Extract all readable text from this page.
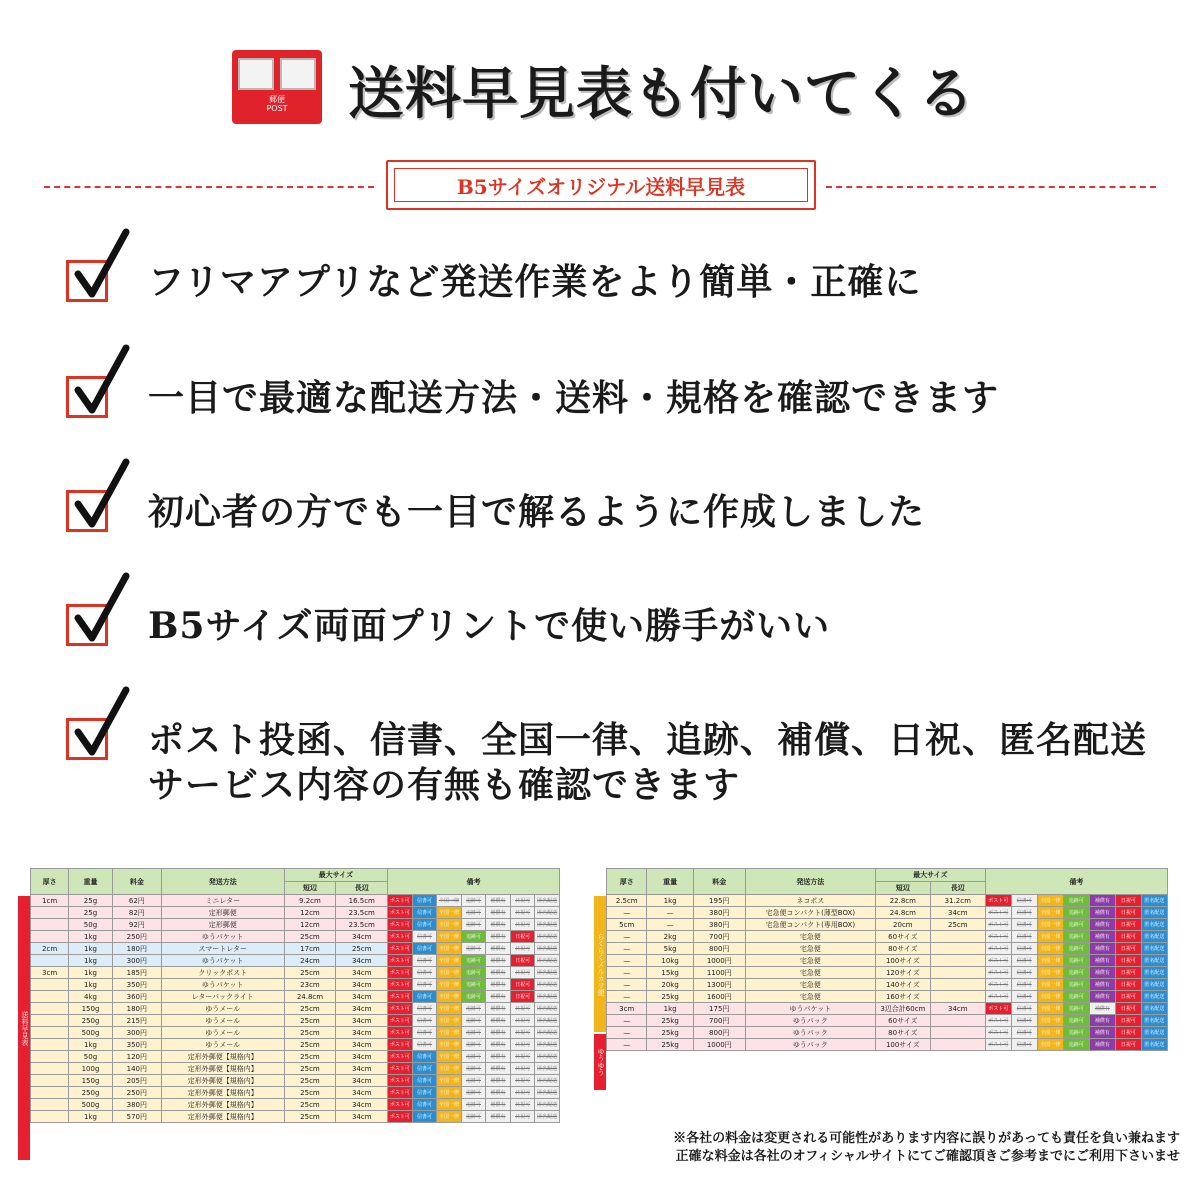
郵便
POST 送料早見表も付いてくる
B5サイズオリジナル送料早見表
フリマアプリなど発送作業をより簡単・正確に
一目で最適な配送方法・送料・規格を確認できます
初心者の方でも一目で解るように作成しました
B5サイズ両面プリントで使い勝手がいい
ポスト投函、信書、全国一律、追跡、補償、日祝、匿名配送
サービス内容の有無も確認できます
送料早見表
厚さ	重量	料金	発送方法	最大サイズ		備考						
				短辺	長辺							
1cm	25g	62円	ミニレター	9.2cm	16.5cm	ポスト可	信書可	全国一律	追跡可	補償有	日祝可	匿名配送
	25g	82円	定形郵便	12cm	23.5cm	ポスト可	信書可	全国一律	追跡可	補償有	日祝可	匿名配送
	50g	92円	定形郵便	12cm	23.5cm	ポスト可	信書可	全国一律	追跡可	補償有	日祝可	匿名配送
	1kg	250円	ゆうパケット	25cm	34cm	ポスト可	信書可	全国一律	追跡可	補償有	日祝可	匿名配送
2cm	1kg	180円	スマートレター	17cm	25cm	ポスト可	信書可	全国一律	追跡可	補償有	日祝可	匿名配送
	1kg	300円	ゆうパケット	24cm	34cm	ポスト可	信書可	全国一律	追跡可	補償有	日祝可	匿名配送
3cm	1kg	185円	クリックポスト	25cm	34cm	ポスト可	信書可	全国一律	追跡可	補償有	日祝可	匿名配送
	1kg	350円	ゆうパケット	23cm	34cm	ポスト可	信書可	全国一律	追跡可	補償有	日祝可	匿名配送
	4kg	360円	レターパックライト	24.8cm	34cm	ポスト可	信書可	全国一律	追跡可	補償有	日祝可	匿名配送
	150g	180円	ゆうメール	25cm	34cm	ポスト可	信書可	全国一律	追跡可	補償有	日祝可	匿名配送
	250g	215円	ゆうメール	25cm	34cm	ポスト可	信書可	全国一律	追跡可	補償有	日祝可	匿名配送
	500g	300円	ゆうメール	25cm	34cm	ポスト可	信書可	全国一律	追跡可	補償有	日祝可	匿名配送
	1kg	350円	ゆうメール	25cm	34cm	ポスト可	信書可	全国一律	追跡可	補償有	日祝可	匿名配送
	50g	120円	定形外郵便【規格内】	25cm	34cm	ポスト可	信書可	全国一律	追跡可	補償有	日祝可	匿名配送
	100g	140円	定形外郵便【規格内】	25cm	34cm	ポスト可	信書可	全国一律	追跡可	補償有	日祝可	匿名配送
	150g	205円	定形外郵便【規格内】	25cm	34cm	ポスト可	信書可	全国一律	追跡可	補償有	日祝可	匿名配送
	250g	250円	定形外郵便【規格内】	25cm	34cm	ポスト可	信書可	全国一律	追跡可	補償有	日祝可	匿名配送
	500g	380円	定形外郵便【規格内】	25cm	34cm	ポスト可	信書可	全国一律	追跡可	補償有	日祝可	匿名配送
	1kg	570円	定形外郵便【規格内】	25cm	34cm	ポスト可	信書可	全国一律	追跡可	補償有	日祝可	匿名配送
らくらくメルカリ便
ゆうゆう
厚さ	重量	料金	発送方法	最大サイズ		備考						
				短辺	長辺							
2.5cm	1kg	195円	ネコポス	22.8cm	31.2cm	ポスト可	信書可	全国一律	追跡可	補償有	日祝可	匿名配送
—	—	380円	宅急便コンパクト(薄型BOX)	24.8cm	34cm	ポスト可	信書可	全国一律	追跡可	補償有	日祝可	匿名配送
5cm	—	380円	宅急便コンパクト(専用BOX)	20cm	25cm	ポスト可	信書可	全国一律	追跡可	補償有	日祝可	匿名配送
—	2kg	700円	宅急便	60サイズ		ポスト可	信書可	全国一律	追跡可	補償有	日祝可	匿名配送
—	5kg	800円	宅急便	80サイズ		ポスト可	信書可	全国一律	追跡可	補償有	日祝可	匿名配送
—	10kg	1000円	宅急便	100サイズ		ポスト可	信書可	全国一律	追跡可	補償有	日祝可	匿名配送
—	15kg	1100円	宅急便	120サイズ		ポスト可	信書可	全国一律	追跡可	補償有	日祝可	匿名配送
—	20kg	1300円	宅急便	140サイズ		ポスト可	信書可	全国一律	追跡可	補償有	日祝可	匿名配送
—	25kg	1600円	宅急便	160サイズ		ポスト可	信書可	全国一律	追跡可	補償有	日祝可	匿名配送
3cm	1kg	175円	ゆうパケット	3辺合計60cm	34cm	ポスト可	信書可	全国一律	追跡可	補償有	日祝可	匿名配送
—	25kg	700円	ゆうパック	60サイズ		ポスト可	信書可	全国一律	追跡可	補償有	日祝可	匿名配送
—	25kg	800円	ゆうパック	80サイズ		ポスト可	信書可	全国一律	追跡可	補償有	日祝可	匿名配送
—	25kg	1000円	ゆうパック	100サイズ		ポスト可	信書可	全国一律	追跡可	補償有	日祝可	匿名配送
※各社の料金は変更される可能性があります内容に誤りがあっても責任を負い兼ねます
正確な料金は各社のオフィシャルサイトにてご確認頂きご参考までにご利用下さいませ
